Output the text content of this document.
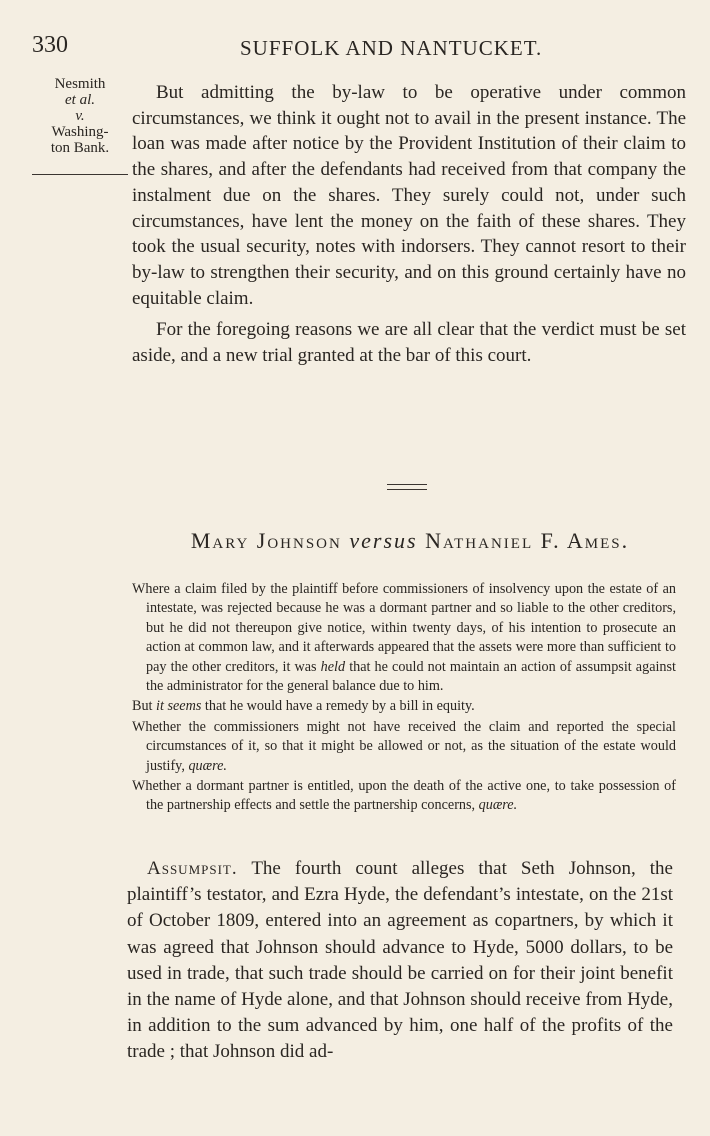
330	SUFFOLK AND NANTUCKET.
Nesmith
et al.
v.
Washing-
ton Bank.

But admitting the by-law to be operative under common circumstances, we think it ought not to avail in the present instance. The loan was made after notice by the Provident Institution of their claim to the shares, and after the defendants had received from that company the instalment due on the shares. They surely could not, under such circumstances, have lent the money on the faith of these shares. They took the usual security, notes with indorsers. They cannot resort to their by-law to strengthen their security, and on this ground certainly have no equitable claim.

For the foregoing reasons we are all clear that the verdict must be set aside, and a new trial granted at the bar of this court.

Mary Johnson versus Nathaniel F. Ames.

Where a claim filed by the plaintiff before commissioners of insolvency upon the estate of an intestate, was rejected because he was a dormant partner and so liable to the other creditors, but he did not thereupon give notice, within twenty days, of his intention to prosecute an action at common law, and it afterwards appeared that the assets were more than sufficient to pay the other creditors, it was held that he could not maintain an action of assumpsit against the administrator for the general balance due to him.

But it seems that he would have a remedy by a bill in equity.

Whether the commissioners might not have received the claim and reported the special circumstances of it, so that it might be allowed or not, as the situation of the estate would justify, quære.

Whether a dormant partner is entitled, upon the death of the active one, to take possession of the partnership effects and settle the partnership concerns, quære.

Assumpsit. The fourth count alleges that Seth Johnson, the plaintiff’s testator, and Ezra Hyde, the defendant’s intestate, on the 21st of October 1809, entered into an agreement as copartners, by which it was agreed that Johnson should advance to Hyde, 5000 dollars, to be used in trade, that such trade should be carried on for their joint benefit in the name of Hyde alone, and that Johnson should receive from Hyde, in addition to the sum advanced by him, one half of the profits of the trade ; that Johnson did ad-
